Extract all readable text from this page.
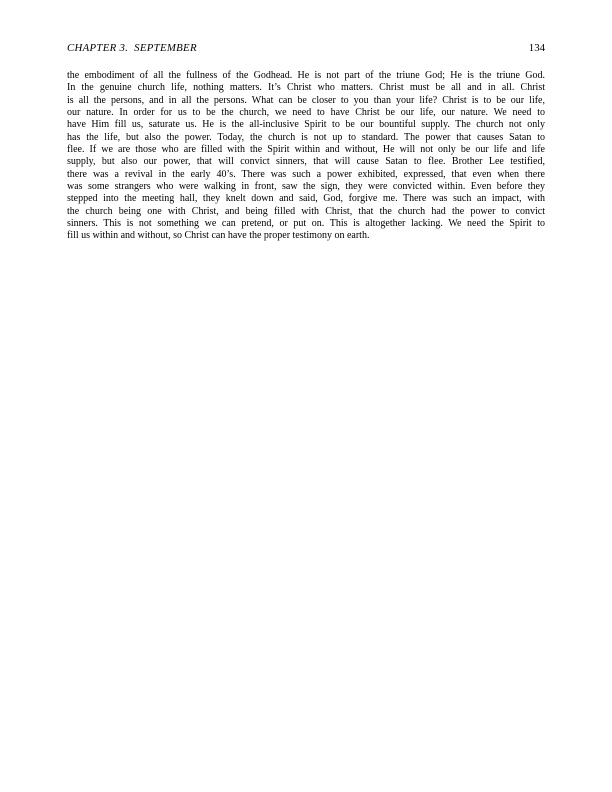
CHAPTER 3.  SEPTEMBER	134
the embodiment of all the fullness of the Godhead. He is not part of the triune God; He is the triune God.
In the genuine church life, nothing matters. It’s Christ who matters. Christ must be all and in all. Christ
is all the persons, and in all the persons. What can be closer to you than your life? Christ is to be our life,
our nature. In order for us to be the church, we need to have Christ be our life, our nature. We need to
have Him fill us, saturate us. He is the all-inclusive Spirit to be our bountiful supply. The church not only
has the life, but also the power. Today, the church is not up to standard. The power that causes Satan to
flee. If we are those who are filled with the Spirit within and without, He will not only be our life and life
supply, but also our power, that will convict sinners, that will cause Satan to flee. Brother Lee testified,
there was a revival in the early 40’s. There was such a power exhibited, expressed, that even when there
was some strangers who were walking in front, saw the sign, they were convicted within. Even before they
stepped into the meeting hall, they knelt down and said, God, forgive me. There was such an impact, with
the church being one with Christ, and being filled with Christ, that the church had the power to convict
sinners. This is not something we can pretend, or put on. This is altogether lacking. We need the Spirit to
fill us within and without, so Christ can have the proper testimony on earth.
